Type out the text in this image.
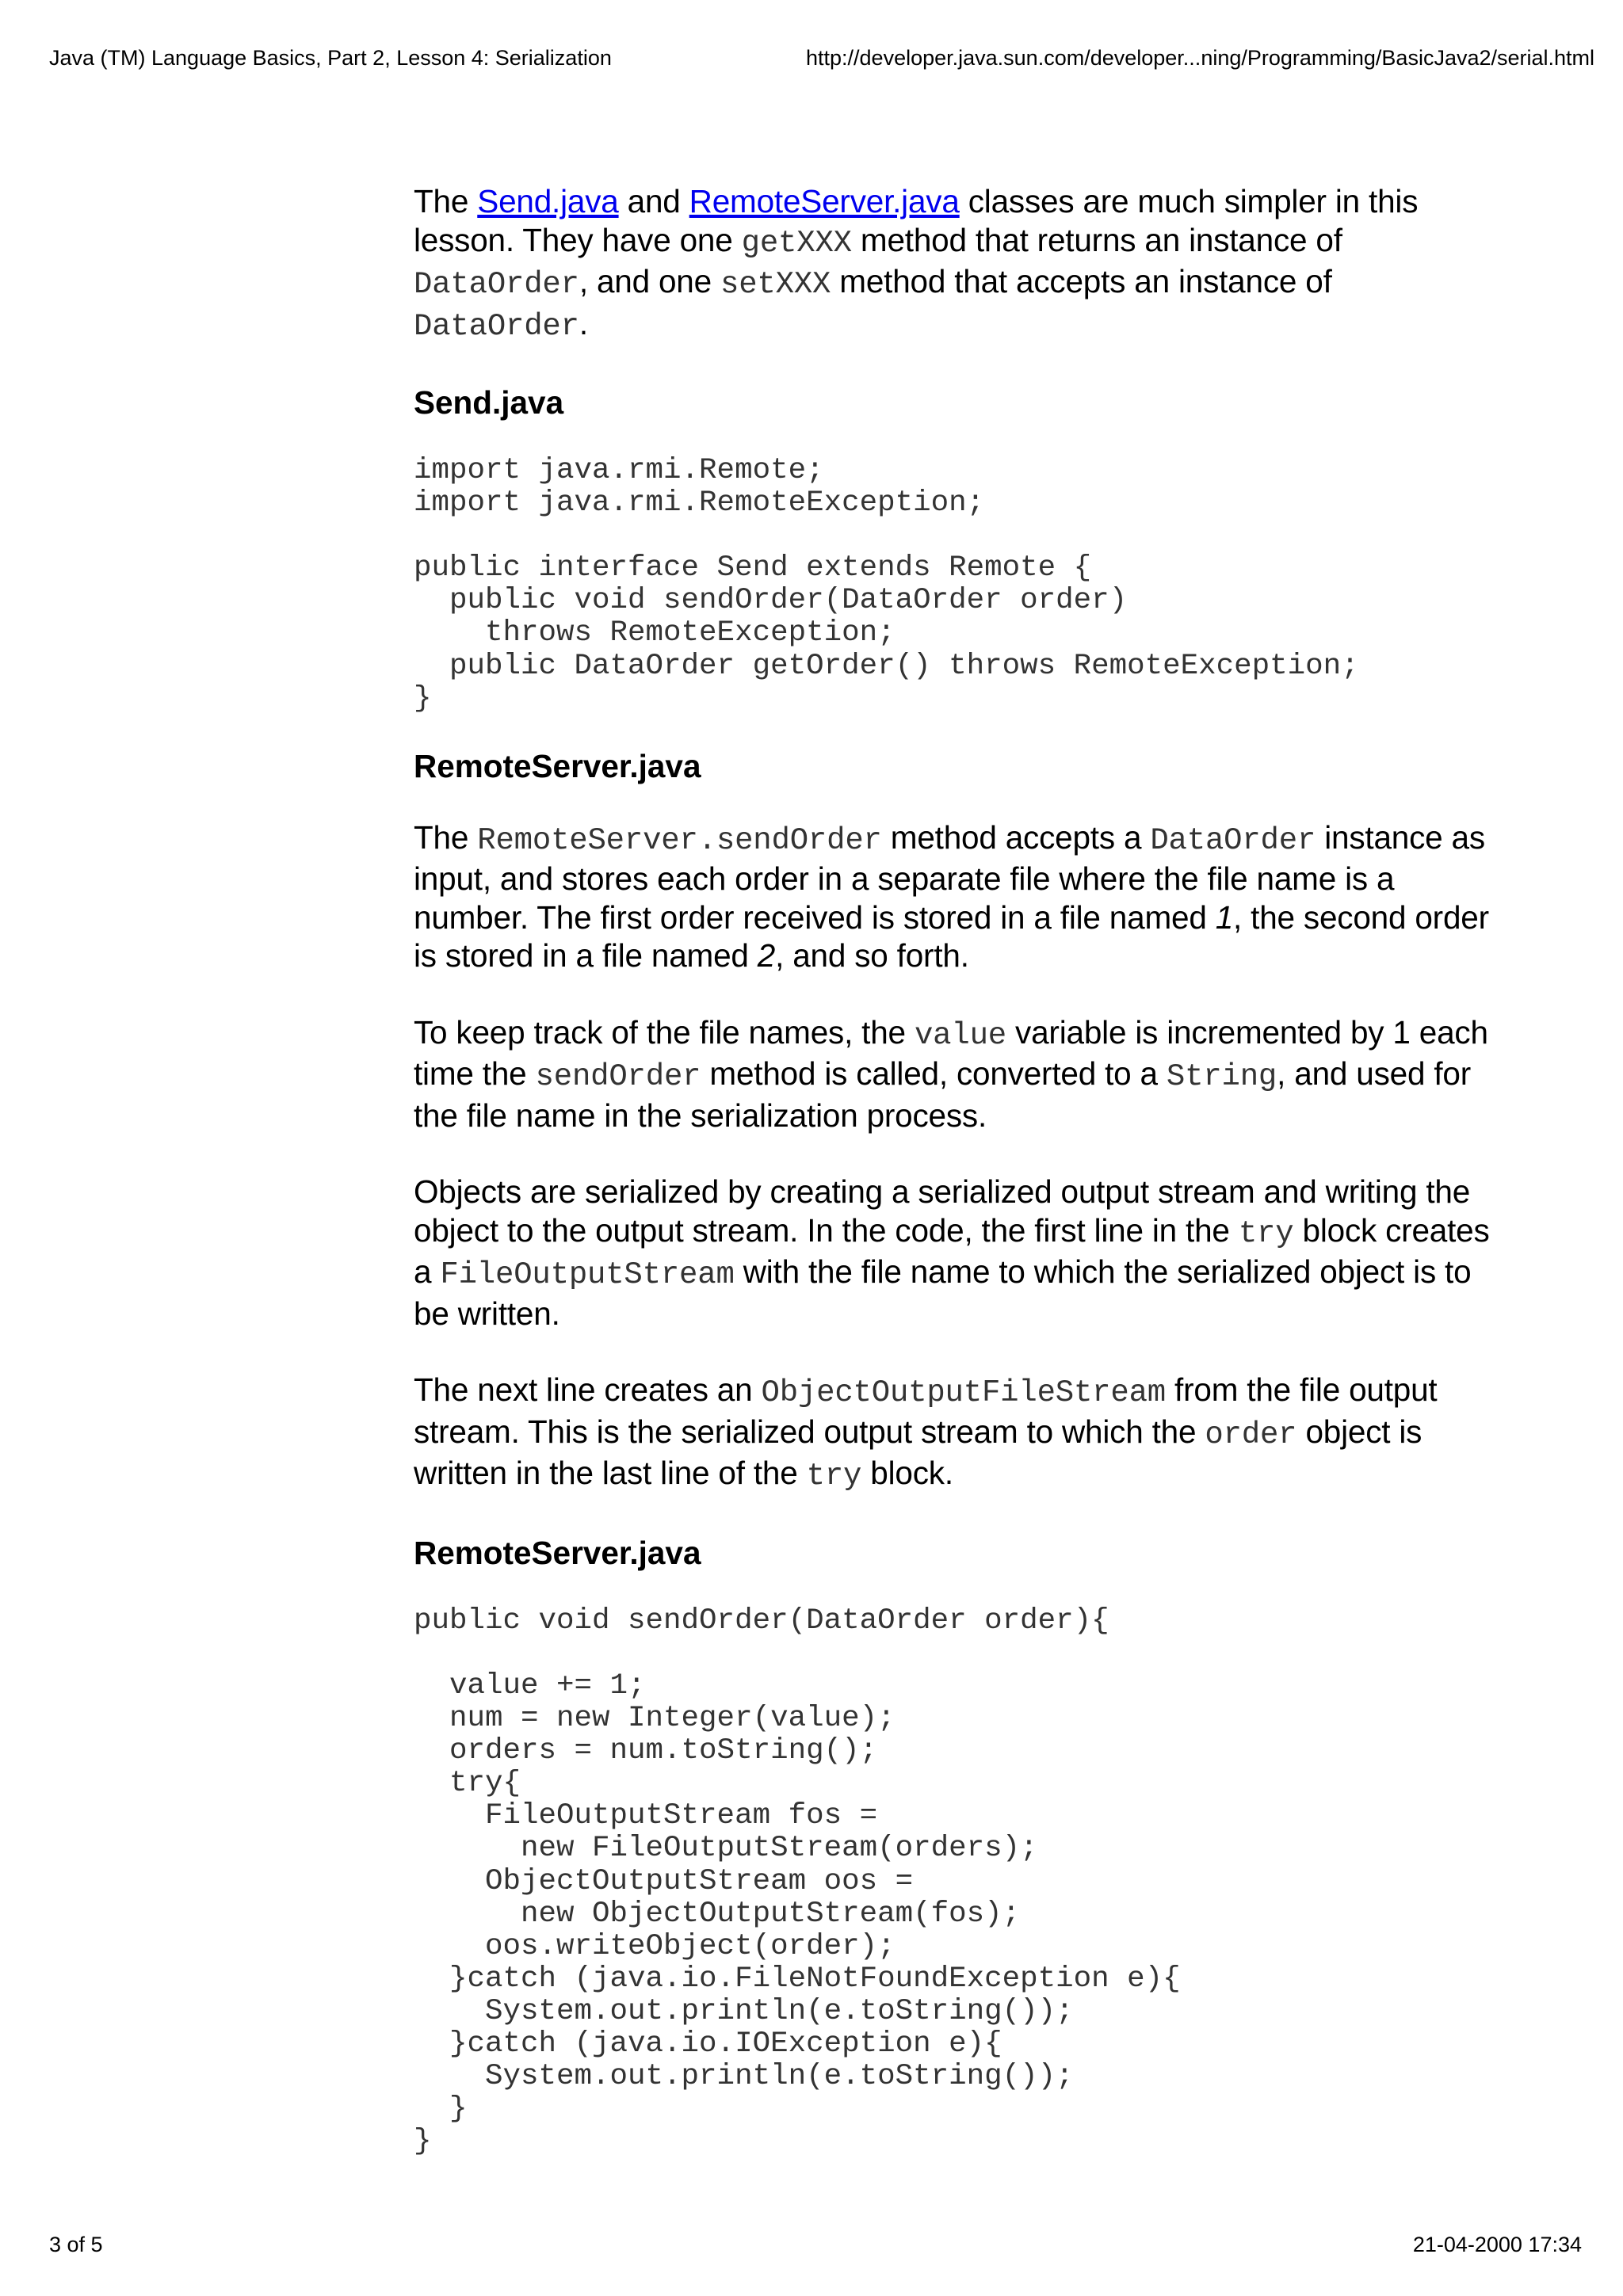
Java (TM) Language Basics, Part 2, Lesson 4: Serialization	http://developer.java.sun.com/developer...ning/Programming/BasicJava2/serial.html

The Send.java and RemoteServer.java classes are much simpler in this lesson. They have one getXXX method that returns an instance of DataOrder, and one setXXX method that accepts an instance of DataOrder.

Send.java
import java.rmi.Remote;
import java.rmi.RemoteException;

public interface Send extends Remote {
public void sendOrder(DataOrder order)
throws RemoteException;
public DataOrder getOrder() throws RemoteException;
}
RemoteServer.java

The RemoteServer.sendOrder method accepts a DataOrder instance as input, and stores each order in a separate file where the file name is a number. The first order received is stored in a file named 1, the second order is stored in a file named 2, and so forth.

To keep track of the file names, the value variable is incremented by 1 each time the sendOrder method is called, converted to a String, and used for the file name in the serialization process.

Objects are serialized by creating a serialized output stream and writing the object to the output stream. In the code, the first line in the try block creates a FileOutputStream with the file name to which the serialized object is to be written.

The next line creates an ObjectOutputFileStream from the file output stream. This is the serialized output stream to which the order object is written in the last line of the try block.

RemoteServer.java
public void sendOrder(DataOrder order){

value += 1;
num = new Integer(value);
orders = num.toString();
try{
FileOutputStream fos =
new FileOutputStream(orders);
ObjectOutputStream oos =
new ObjectOutputStream(fos);
oos.writeObject(order);
}catch (java.io.FileNotFoundException e){
System.out.println(e.toString());
}catch (java.io.IOException e){
System.out.println(e.toString());
}
}
3 of 5	21-04-2000 17:34
